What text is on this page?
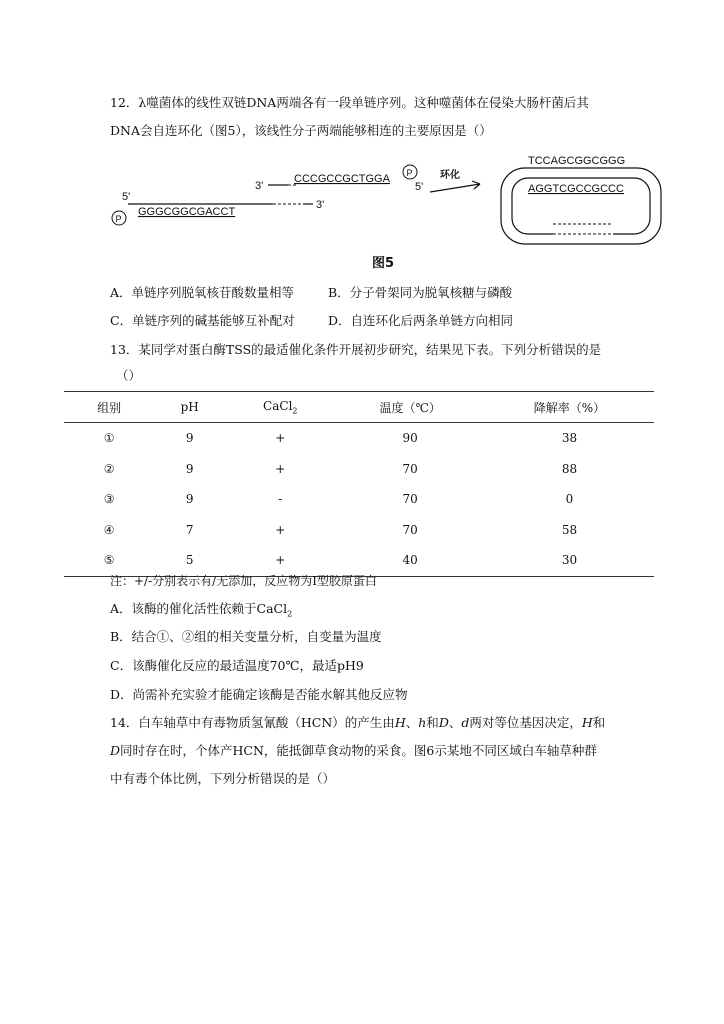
12．λ噬菌体的线性双链DNA两端各有一段单链序列。这种噬菌体在侵染大肠杆菌后其
DNA会自连环化（图5），该线性分子两端能够相连的主要原因是（）
3'
CCCGCCGCTGGA P
5'
5'
P
3'
GGGCGGCGACCT
环化
TCCAGCGGCGGG
AGGTCGCCGCCC
图5
A．单链序列脱氧核苷酸数量相等	B．分子骨架同为脱氧核糖与磷酸
C．单链序列的碱基能够互补配对	D．自连环化后两条单链方向相同
13．某同学对蛋白酶TSS的最适催化条件开展初步研究，结果见下表。下列分析错误的是
（）
组别	pH	CaCl$_2$	温度（℃）	降解率（%）
①	9	+	90	38
②	9	+	70	88
③	9	-	70	0
④	7	+	70	58
⑤	5	+	40	30
注：+/-分别表示有/无添加，反应物为Ⅰ型胶原蛋白
A．该酶的催化活性依赖于CaCl$_2$
B．结合①、②组的相关变量分析，自变量为温度
C．该酶催化反应的最适温度70℃，最适pH9
D．尚需补充实验才能确定该酶是否能水解其他反应物
14．白车轴草中有毒物质氢氰酸（HCN）的产生由H、h和D、d两对等位基因决定，H和
D同时存在时，个体产HCN，能抵御草食动物的采食。图6示某地不同区域白车轴草种群
中有毒个体比例，下列分析错误的是（）
